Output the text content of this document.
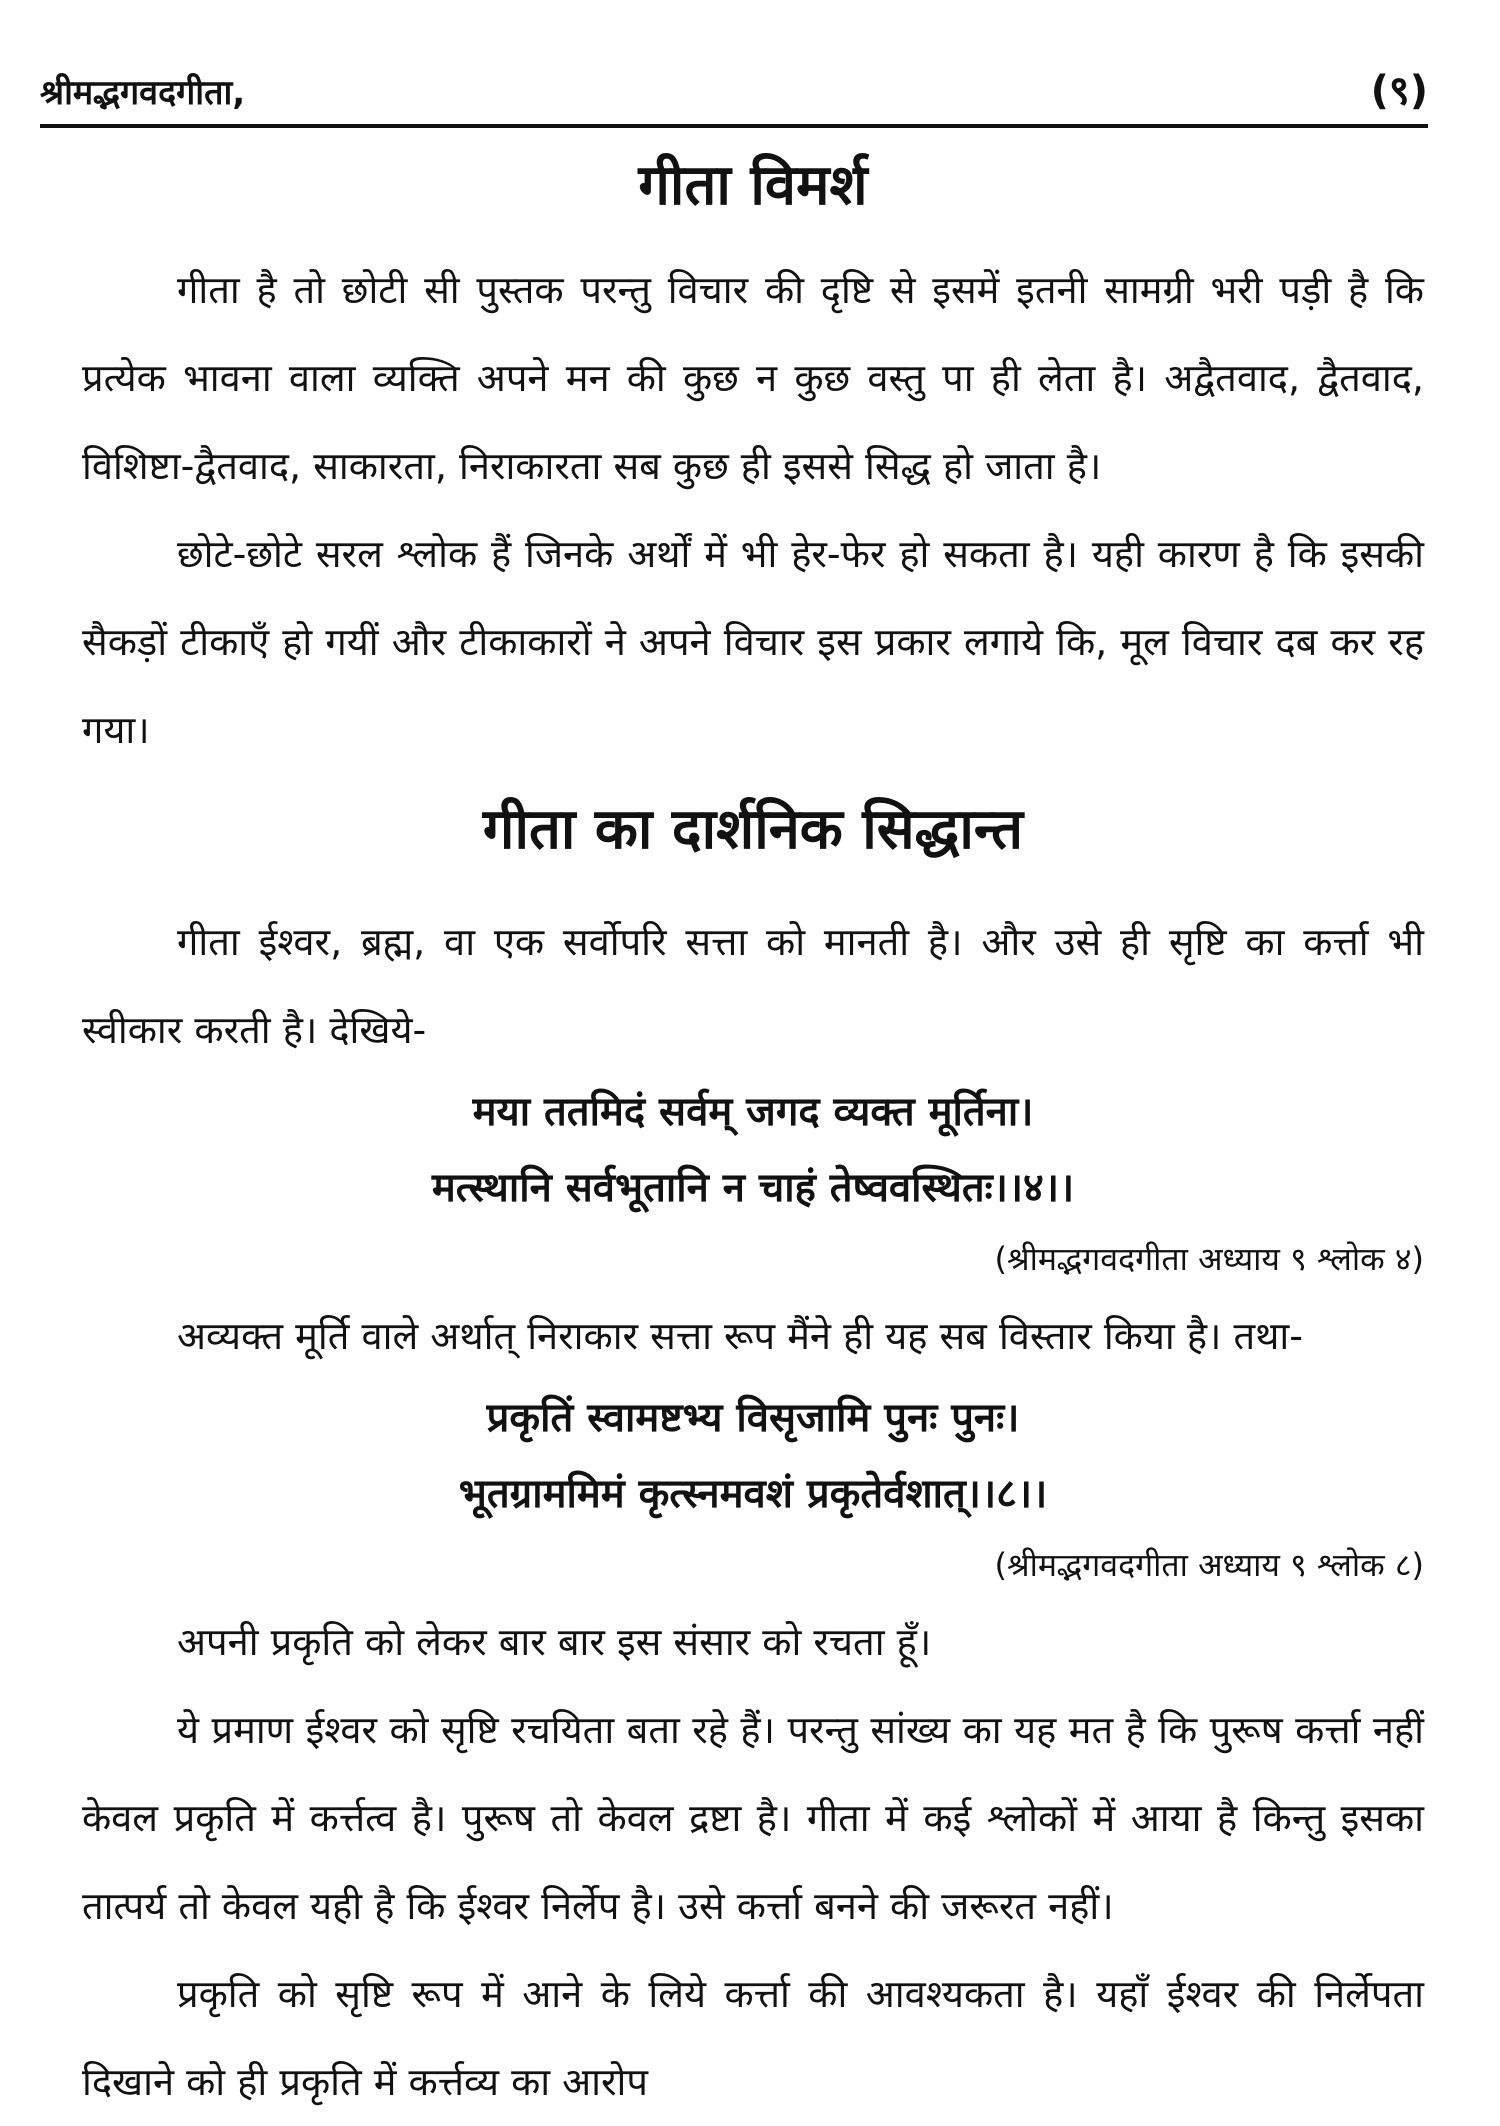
श्रीमद्भगवदगीता,	(९)
गीता विमर्श

गीता है तो छोटी सी पुस्तक परन्तु विचार की दृष्टि से इसमें इतनी सामग्री भरी पड़ी है कि प्रत्येक भावना वाला व्यक्ति अपने मन की कुछ न कुछ वस्तु पा ही लेता है। अद्वैतवाद, द्वैतवाद, विशिष्टा-द्वैतवाद, साकारता, निराकारता सब कुछ ही इससे सिद्ध हो जाता है।

छोटे-छोटे सरल श्लोक हैं जिनके अर्थों में भी हेर-फेर हो सकता है। यही कारण है कि इसकी सैकड़ों टीकाएँ हो गयीं और टीकाकारों ने अपने विचार इस प्रकार लगाये कि, मूल विचार दब कर रह गया।

गीता का दार्शनिक सिद्धान्त

गीता ईश्वर, ब्रह्म, वा एक सर्वोपरि सत्ता को मानती है। और उसे ही सृष्टि का कर्त्ता भी स्वीकार करती है। देखिये-

मया ततमिदं सर्वम् जगद व्यक्त मूर्तिना।
मत्स्थानि सर्वभूतानि न चाहं तेष्ववस्थितः।।४।।
(श्रीमद्भगवदगीता अध्याय ९ श्लोक ४)

अव्यक्त मूर्ति वाले अर्थात् निराकार सत्ता रूप मैंने ही यह सब विस्तार किया है। तथा-

प्रकृतिं स्वामष्टभ्य विसृजामि पुनः पुनः।
भूतग्राममिमं कृत्स्नमवशं प्रकृतेर्वशात्।।८।।
(श्रीमद्भगवदगीता अध्याय ९ श्लोक ८)

अपनी प्रकृति को लेकर बार बार इस संसार को रचता हूँ।

ये प्रमाण ईश्वर को सृष्टि रचयिता बता रहे हैं। परन्तु सांख्य का यह मत है कि पुरूष कर्त्ता नहीं केवल प्रकृति में कर्त्तत्व है। पुरूष तो केवल द्रष्टा है। गीता में कई श्लोकों में आया है किन्तु इसका तात्पर्य तो केवल यही है कि ईश्वर निर्लेप है। उसे कर्त्ता बनने की जरूरत नहीं।

प्रकृति को सृष्टि रूप में आने के लिये कर्त्ता की आवश्यकता है। यहाँ ईश्वर की निर्लेपता दिखाने को ही प्रकृति में कर्त्तव्य का आरोप
